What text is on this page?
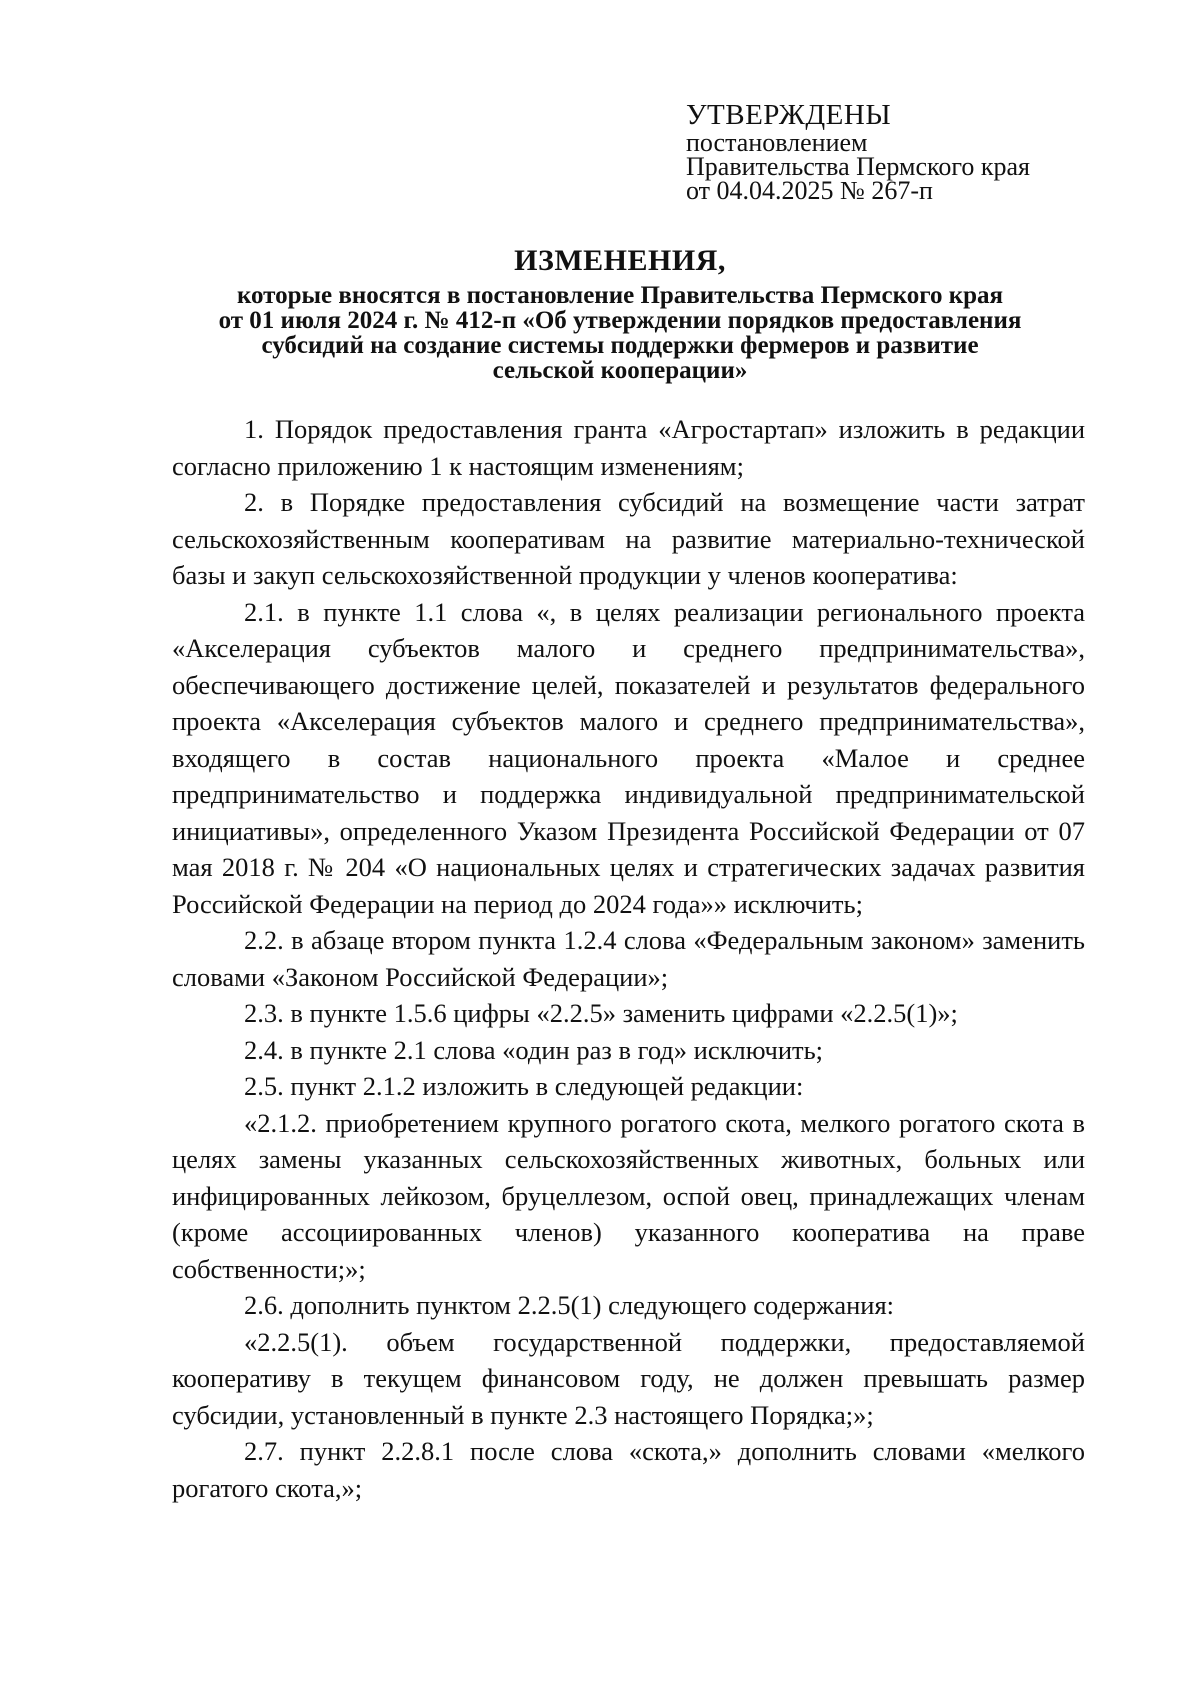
УТВЕРЖДЕНЫ
постановлением
Правительства Пермского края
от 04.04.2025 № 267-п
ИЗМЕНЕНИЯ,
которые вносятся в постановление Правительства Пермского края
от 01 июля 2024 г. № 412-п «Об утверждении порядков предоставления
субсидий на создание системы поддержки фермеров и развитие
сельской кооперации»

1. Порядок предоставления гранта «Агростартап» изложить в редакции согласно приложению 1 к настоящим изменениям;

2. в Порядке предоставления субсидий на возмещение части затрат сельскохозяйственным кооперативам на развитие материально-технической базы и закуп сельскохозяйственной продукции у членов кооператива:

2.1. в пункте 1.1 слова «, в целях реализации регионального проекта «Акселерация субъектов малого и среднего предпринимательства», обеспечивающего достижение целей, показателей и результатов федерального проекта «Акселерация субъектов малого и среднего предпринимательства», входящего в состав национального проекта «Малое и среднее предпринимательство и поддержка индивидуальной предпринимательской инициативы», определенного Указом Президента Российской Федерации от 07 мая 2018 г. № 204 «О национальных целях и стратегических задачах развития Российской Федерации на период до 2024 года»» исключить;

2.2. в абзаце втором пункта 1.2.4 слова «Федеральным законом» заменить словами «Законом Российской Федерации»;

2.3. в пункте 1.5.6 цифры «2.2.5» заменить цифрами «2.2.5(1)»;

2.4. в пункте 2.1 слова «один раз в год» исключить;

2.5. пункт 2.1.2 изложить в следующей редакции:

«2.1.2. приобретением крупного рогатого скота, мелкого рогатого скота в целях замены указанных сельскохозяйственных животных, больных или инфицированных лейкозом, бруцеллезом, оспой овец, принадлежащих членам (кроме ассоциированных членов) указанного кооператива на праве собственности;»;

2.6. дополнить пунктом 2.2.5(1) следующего содержания:

«2.2.5(1). объем государственной поддержки, предоставляемой кооперативу в текущем финансовом году, не должен превышать размер субсидии, установленный в пункте 2.3 настоящего Порядка;»;

2.7. пункт 2.2.8.1 после слова «скота,» дополнить словами «мелкого рогатого скота,»;
